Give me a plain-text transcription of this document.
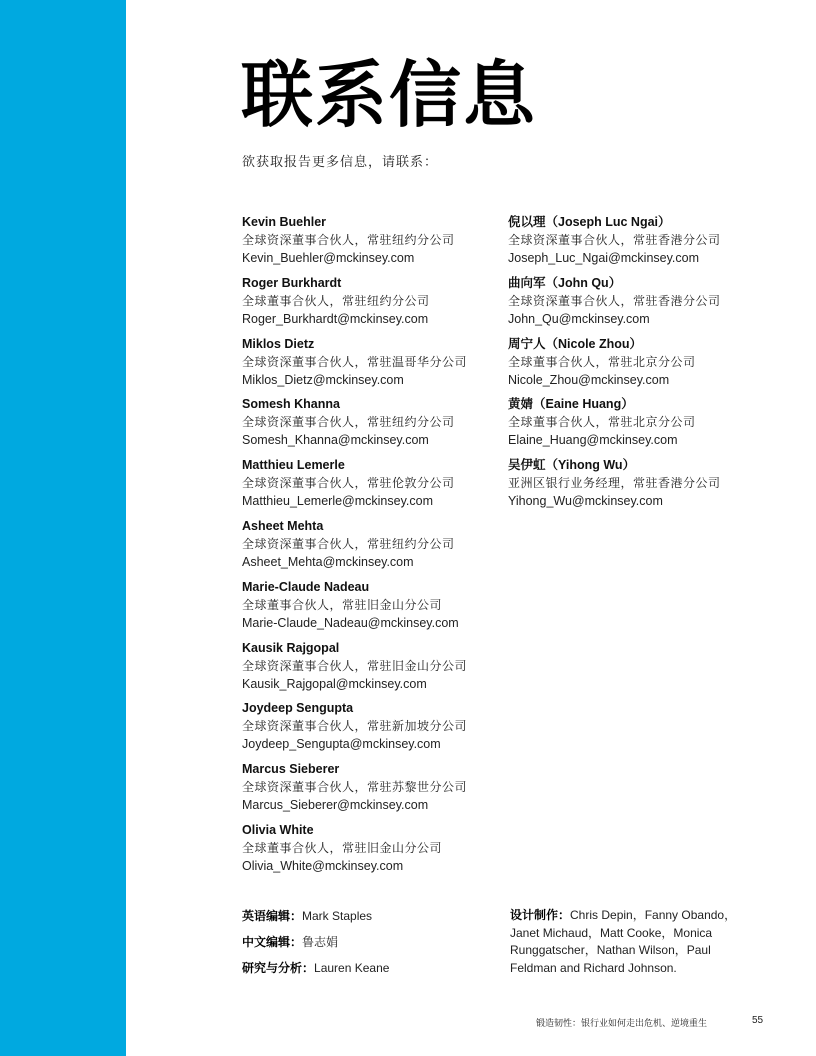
联系信息
欲获取报告更多信息，请联系：
Kevin Buehler
全球资深董事合伙人，常驻纽约分公司
Kevin_Buehler@mckinsey.com
Roger Burkhardt
全球董事合伙人，常驻纽约分公司
Roger_Burkhardt@mckinsey.com
Miklos Dietz
全球资深董事合伙人，常驻温哥华分公司
Miklos_Dietz@mckinsey.com
Somesh Khanna
全球资深董事合伙人，常驻纽约分公司
Somesh_Khanna@mckinsey.com
Matthieu Lemerle
全球资深董事合伙人，常驻伦敦分公司
Matthieu_Lemerle@mckinsey.com
Asheet Mehta
全球资深董事合伙人，常驻纽约分公司
Asheet_Mehta@mckinsey.com
Marie-Claude Nadeau
全球董事合伙人，常驻旧金山分公司
Marie-Claude_Nadeau@mckinsey.com
Kausik Rajgopal
全球资深董事合伙人，常驻旧金山分公司
Kausik_Rajgopal@mckinsey.com
Joydeep Sengupta
全球资深董事合伙人，常驻新加坡分公司
Joydeep_Sengupta@mckinsey.com
Marcus Sieberer
全球资深董事合伙人，常驻苏黎世分公司
Marcus_Sieberer@mckinsey.com
Olivia White
全球董事合伙人，常驻旧金山分公司
Olivia_White@mckinsey.com
倪以理（Joseph Luc Ngai）
全球资深董事合伙人，常驻香港分公司
Joseph_Luc_Ngai@mckinsey.com
曲向军（John Qu）
全球资深董事合伙人，常驻香港分公司
John_Qu@mckinsey.com
周宁人（Nicole Zhou）
全球董事合伙人，常驻北京分公司
Nicole_Zhou@mckinsey.com
黄婧（Eaine Huang）
全球董事合伙人，常驻北京分公司
Elaine_Huang@mckinsey.com
吴伊虹（Yihong Wu）
亚洲区银行业务经理，常驻香港分公司
Yihong_Wu@mckinsey.com
英语编辑：Mark Staples
中文编辑：鲁志娟
研究与分析：Lauren Keane
设计制作：Chris Depin，Fanny Obando，Janet Michaud，Matt Cooke，Monica Runggatscher，Nathan Wilson，Paul Feldman and Richard Johnson.
锻造韧性：银行业如何走出危机、逆境重生	55
